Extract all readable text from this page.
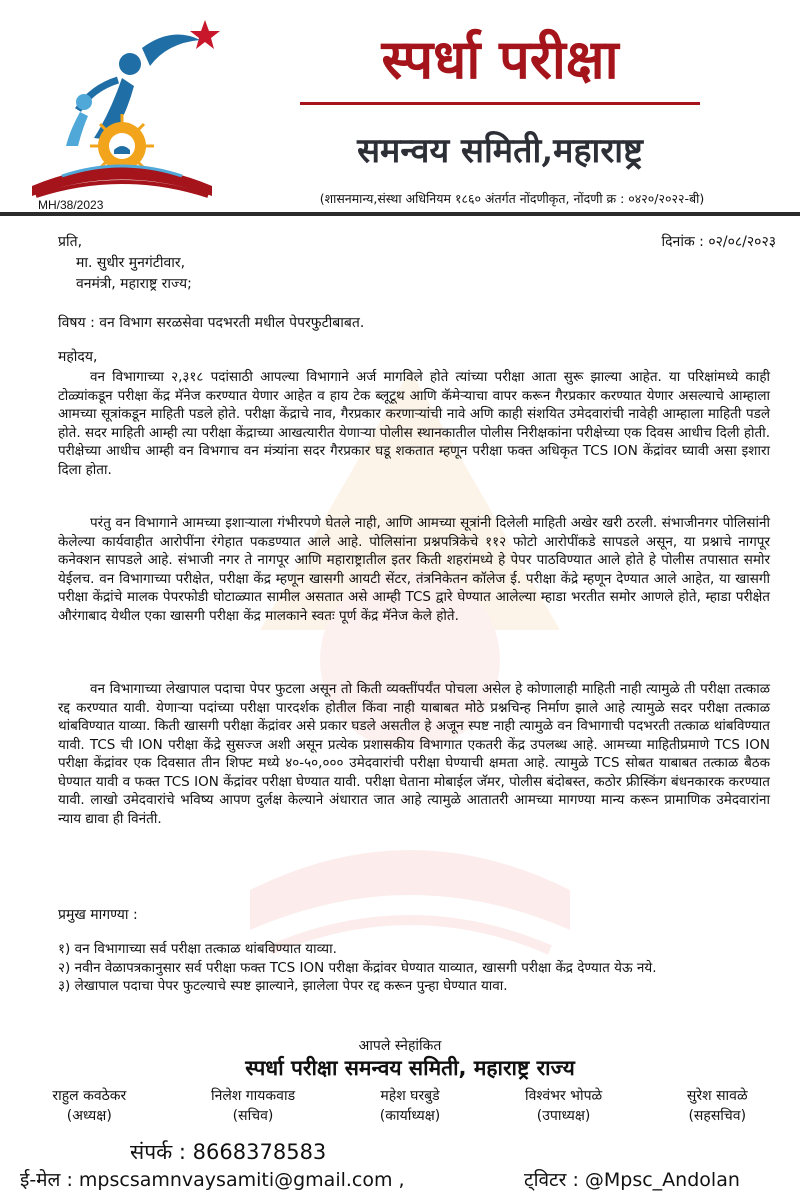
MH/38/2023
स्पर्धा परीक्षा
समन्वय समिती,महाराष्ट्र
(शासनमान्य,संस्था अधिनियम १८६० अंतर्गत नोंदणीकृत, नोंदणी क्र : ०४२०/२०२२-बी)
दिनांक : ०२/०८/२०२३
प्रति,
मा. सुधीर मुनगंटीवार,
वनमंत्री, महाराष्ट्र राज्य;
विषय : वन विभाग सरळसेवा पदभरती मधील पेपरफुटीबाबत.
महोदय,
वन विभागाच्या २,३१८ पदांसाठी आपल्या विभागाने अर्ज मागविले होते त्यांच्या परीक्षा आता सुरू झाल्या आहेत. या परिक्षांमध्ये काही टोळ्यांकडून परीक्षा केंद्र मॅनेज करण्यात येणार आहेत व हाय टेक ब्लूटूथ आणि कॅमेऱ्याचा वापर करून गैरप्रकार करण्यात येणार असल्याचे आम्हाला आमच्या सूत्रांकडून माहिती पडले होते. परीक्षा केंद्राचे नाव, गैरप्रकार करणाऱ्यांची नावे अणि काही संशयित उमेदवारांची नावेही आम्हाला माहिती पडले होते. सदर माहिती आम्ही त्या परीक्षा केंद्राच्या आखत्यारीत येणाऱ्या पोलीस स्थानकातील पोलीस निरीक्षकांना परीक्षेच्या एक दिवस आधीच दिली होती. परीक्षेच्या आधीच आम्ही वन विभगाच वन मंत्र्यांना सदर गैरप्रकार घडू शकतात म्हणून परीक्षा फक्त अधिकृत TCS ION केंद्रांवर घ्यावी असा इशारा दिला होता.
परंतु वन विभागाने आमच्या इशाऱ्याला गंभीरपणे घेतले नाही, आणि आमच्या सूत्रांनी दिलेली माहिती अखेर खरी ठरली. संभाजीनगर पोलिसांनी केलेल्या कार्यवाहीत आरोपींना रंगेहात पकडण्यात आले आहे. पोलिसांना प्रश्नपत्रिकेचे ११२ फोटो आरोपींकडे सापडले असून, या प्रश्नाचे नागपूर कनेक्शन सापडले आहे. संभाजी नगर ते नागपूर आणि महाराष्ट्रातील इतर किती शहरांमध्ये हे पेपर पाठविण्यात आले होते हे पोलीस तपासात समोर येईलच. वन विभागाच्या परीक्षेत, परीक्षा केंद्र म्हणून खासगी आयटी सेंटर, तंत्रनिकेतन कॉलेज ई. परीक्षा केंद्रे म्हणून देण्यात आले आहेत, या खासगी परीक्षा केंद्रांचे मालक पेपरफोडी घोटाळ्यात सामील असतात असे आम्ही TCS द्वारे घेण्यात आलेल्या म्हाडा भरतीत समोर आणले होते, म्हाडा परीक्षेत औरंगाबाद येथील एका खासगी परीक्षा केंद्र मालकाने स्वतः पूर्ण केंद्र मॅनेज केले होते.
वन विभागाच्या लेखापाल पदाचा पेपर फुटला असून तो किती व्यक्तींपर्यंत पोचला असेल हे कोणालाही माहिती नाही त्यामुळे ती परीक्षा तत्काळ रद्द करण्यात यावी. येणाऱ्या पदांच्या परीक्षा पारदर्शक होतील किंवा नाही याबाबत मोठे प्रश्नचिन्ह निर्माण झाले आहे त्यामुळे सदर परीक्षा तत्काळ थांबविण्यात याव्या. किती खासगी परीक्षा केंद्रांवर असे प्रकार घडले असतील हे अजून स्पष्ट नाही त्यामुळे वन विभागाची पदभरती तत्काळ थांबविण्यात यावी. TCS ची ION परीक्षा केंद्रे सुसज्ज अशी असून प्रत्येक प्रशासकीय विभागात एकतरी केंद्र उपलब्ध आहे. आमच्या माहितीप्रमाणे TCS ION परीक्षा केंद्रांवर एक दिवसात तीन शिफ्ट मध्ये ४०-५०,००० उमेदवारांची परीक्षा घेण्याची क्षमता आहे. त्यामुळे TCS सोबत याबाबत तत्काळ बैठक घेण्यात यावी व फक्त TCS ION केंद्रांवर परीक्षा घेण्यात यावी. परीक्षा घेताना मोबाईल जॅमर, पोलीस बंदोबस्त, कठोर फ्रीस्किंग बंधनकारक करण्यात यावी. लाखो उमेदवारांचे भविष्य आपण दुर्लक्ष केल्याने अंधारात जात आहे त्यामुळे आतातरी आमच्या मागण्या मान्य करून प्रामाणिक उमेदवारांना न्याय द्यावा ही विनंती.
प्रमुख मागण्या :
१) वन विभागाच्या सर्व परीक्षा तत्काळ थांबविण्यात याव्या.
२) नवीन वेळापत्रकानुसार सर्व परीक्षा फक्त TCS ION परीक्षा केंद्रांवर घेण्यात याव्यात, खासगी परीक्षा केंद्र देण्यात येऊ नये.
३) लेखापाल पदाचा पेपर फुटल्याचे स्पष्ट झाल्याने, झालेला पेपर रद्द करून पुन्हा घेण्यात यावा.
आपले स्नेहांकित
स्पर्धा परीक्षा समन्वय समिती, महाराष्ट्र राज्य
राहुल कवठेकर
(अध्यक्ष)
निलेश गायकवाड
(सचिव)
महेश घरबुडे
(कार्याध्यक्ष)
विश्वंभर भोपळे
(उपाध्यक्ष)
सुरेश सावळे
(सहसचिव)
संपर्क : 8668378583
ई-मेल : mpscsamnvaysamiti@gmail.com ,	ट्विटर : @Mpsc_Andolan
